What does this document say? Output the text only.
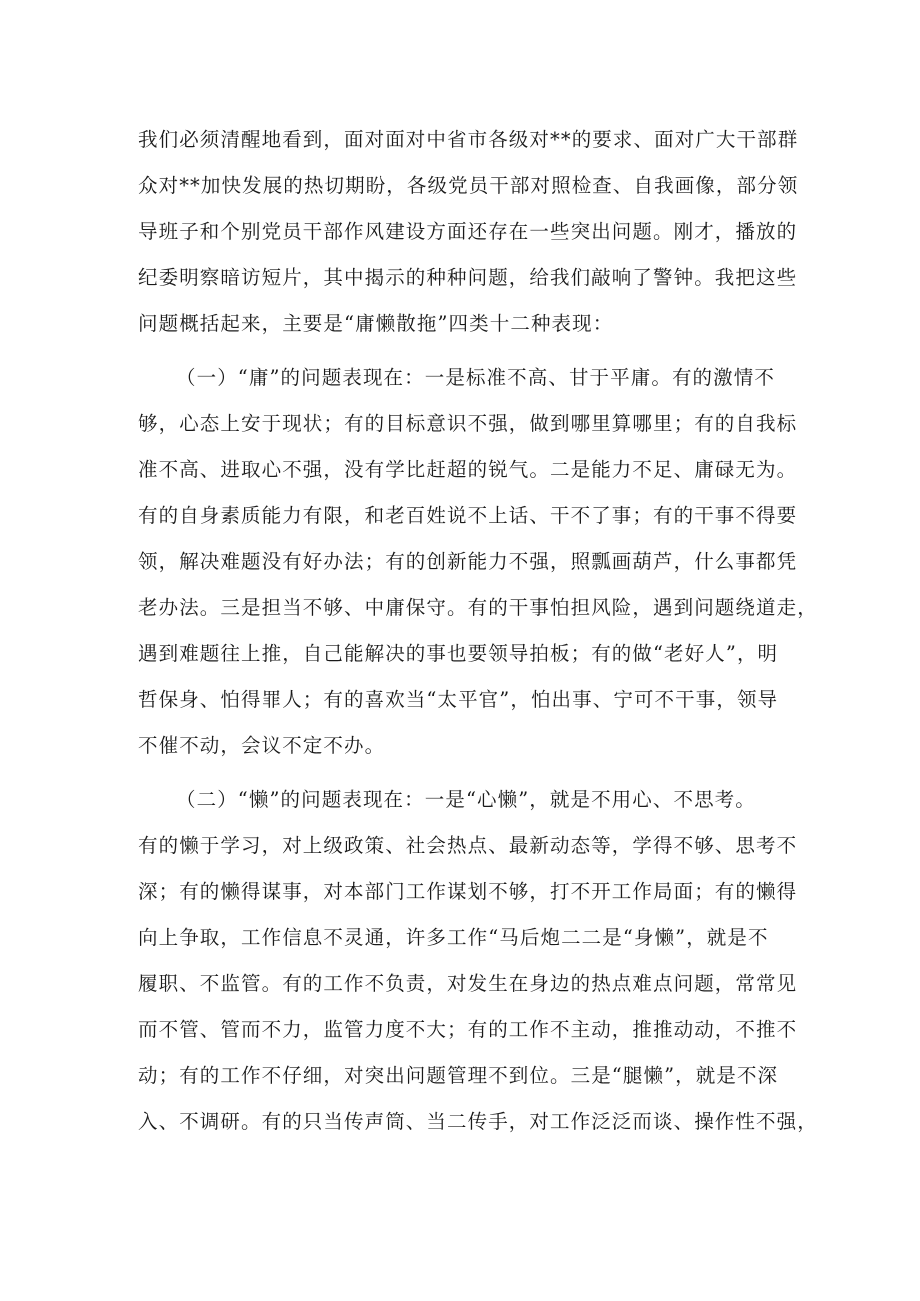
我们必须清醒地看到，面对面对中省市各级对**的要求、面对广大干部群
众对**加快发展的热切期盼，各级党员干部对照检查、自我画像，部分领
导班子和个别党员干部作风建设方面还存在一些突出问题。刚才，播放的
纪委明察暗访短片，其中揭示的种种问题，给我们敲响了警钟。我把这些
问题概括起来，主要是“庸懒散拖”四类十二种表现：
（一）“庸”的问题表现在：一是标准不高、甘于平庸。有的激情不
够，心态上安于现状；有的目标意识不强，做到哪里算哪里；有的自我标
准不高、进取心不强，没有学比赶超的锐气。二是能力不足、庸碌无为。
有的自身素质能力有限，和老百姓说不上话、干不了事；有的干事不得要
领，解决难题没有好办法；有的创新能力不强，照瓢画葫芦，什么事都凭
老办法。三是担当不够、中庸保守。有的干事怕担风险，遇到问题绕道走，
遇到难题往上推，自己能解决的事也要领导拍板；有的做“老好人”，明
哲保身、怕得罪人；有的喜欢当“太平官”，怕出事、宁可不干事，领导
不催不动，会议不定不办。
（二）“懒”的问题表现在：一是“心懒”，就是不用心、不思考。
有的懒于学习，对上级政策、社会热点、最新动态等，学得不够、思考不
深；有的懒得谋事，对本部门工作谋划不够，打不开工作局面；有的懒得
向上争取，工作信息不灵通，许多工作“马后炮二二是“身懒”，就是不
履职、不监管。有的工作不负责，对发生在身边的热点难点问题，常常见
而不管、管而不力，监管力度不大；有的工作不主动，推推动动，不推不
动；有的工作不仔细，对突出问题管理不到位。三是“腿懒”，就是不深
入、不调研。有的只当传声筒、当二传手，对工作泛泛而谈、操作性不强，
